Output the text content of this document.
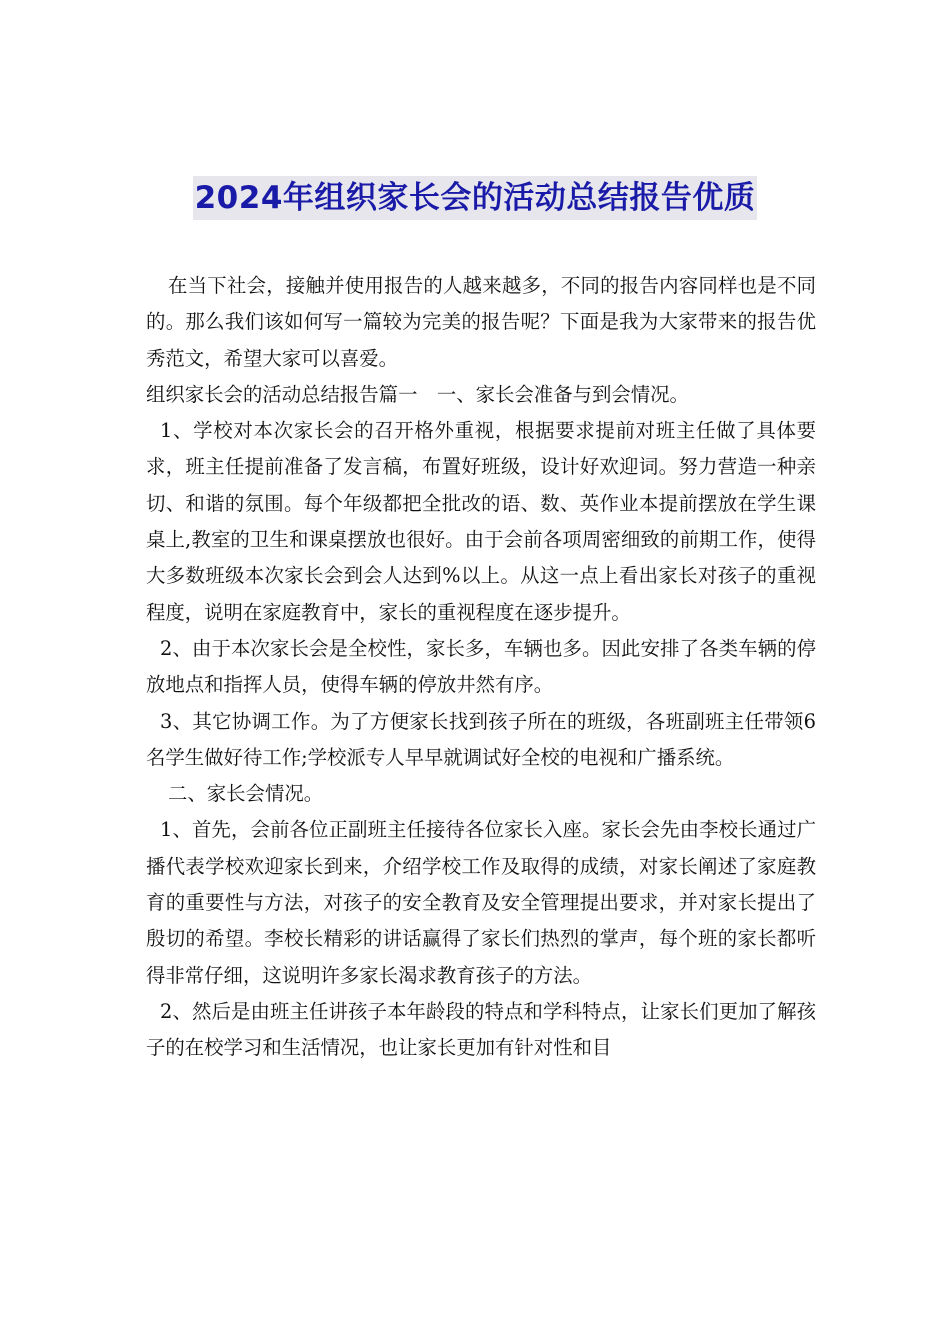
2024年组织家长会的活动总结报告优质

在当下社会，接触并使用报告的人越来越多，不同的报告内容同样也是不同的。那么我们该如何写一篇较为完美的报告呢？下面是我为大家带来的报告优秀范文，希望大家可以喜爱。

组织家长会的活动总结报告篇一　一、家长会准备与到会情况。

1、学校对本次家长会的召开格外重视，根据要求提前对班主任做了具体要求，班主任提前准备了发言稿，布置好班级，设计好欢迎词。努力营造一种亲切、和谐的氛围。每个年级都把全批改的语、数、英作业本提前摆放在学生课桌上,教室的卫生和课桌摆放也很好。由于会前各项周密细致的前期工作，使得大多数班级本次家长会到会人达到%以上。从这一点上看出家长对孩子的重视程度，说明在家庭教育中，家长的重视程度在逐步提升。

2、由于本次家长会是全校性，家长多，车辆也多。因此安排了各类车辆的停放地点和指挥人员，使得车辆的停放井然有序。

3、其它协调工作。为了方便家长找到孩子所在的班级，各班副班主任带领6名学生做好待工作;学校派专人早早就调试好全校的电视和广播系统。

二、家长会情况。

1、首先，会前各位正副班主任接待各位家长入座。家长会先由李校长通过广播代表学校欢迎家长到来，介绍学校工作及取得的成绩，对家长阐述了家庭教育的重要性与方法，对孩子的安全教育及安全管理提出要求，并对家长提出了殷切的希望。李校长精彩的讲话赢得了家长们热烈的掌声，每个班的家长都听得非常仔细，这说明许多家长渴求教育孩子的方法。

2、然后是由班主任讲孩子本年龄段的特点和学科特点，让家长们更加了解孩子的在校学习和生活情况，也让家长更加有针对性和目
